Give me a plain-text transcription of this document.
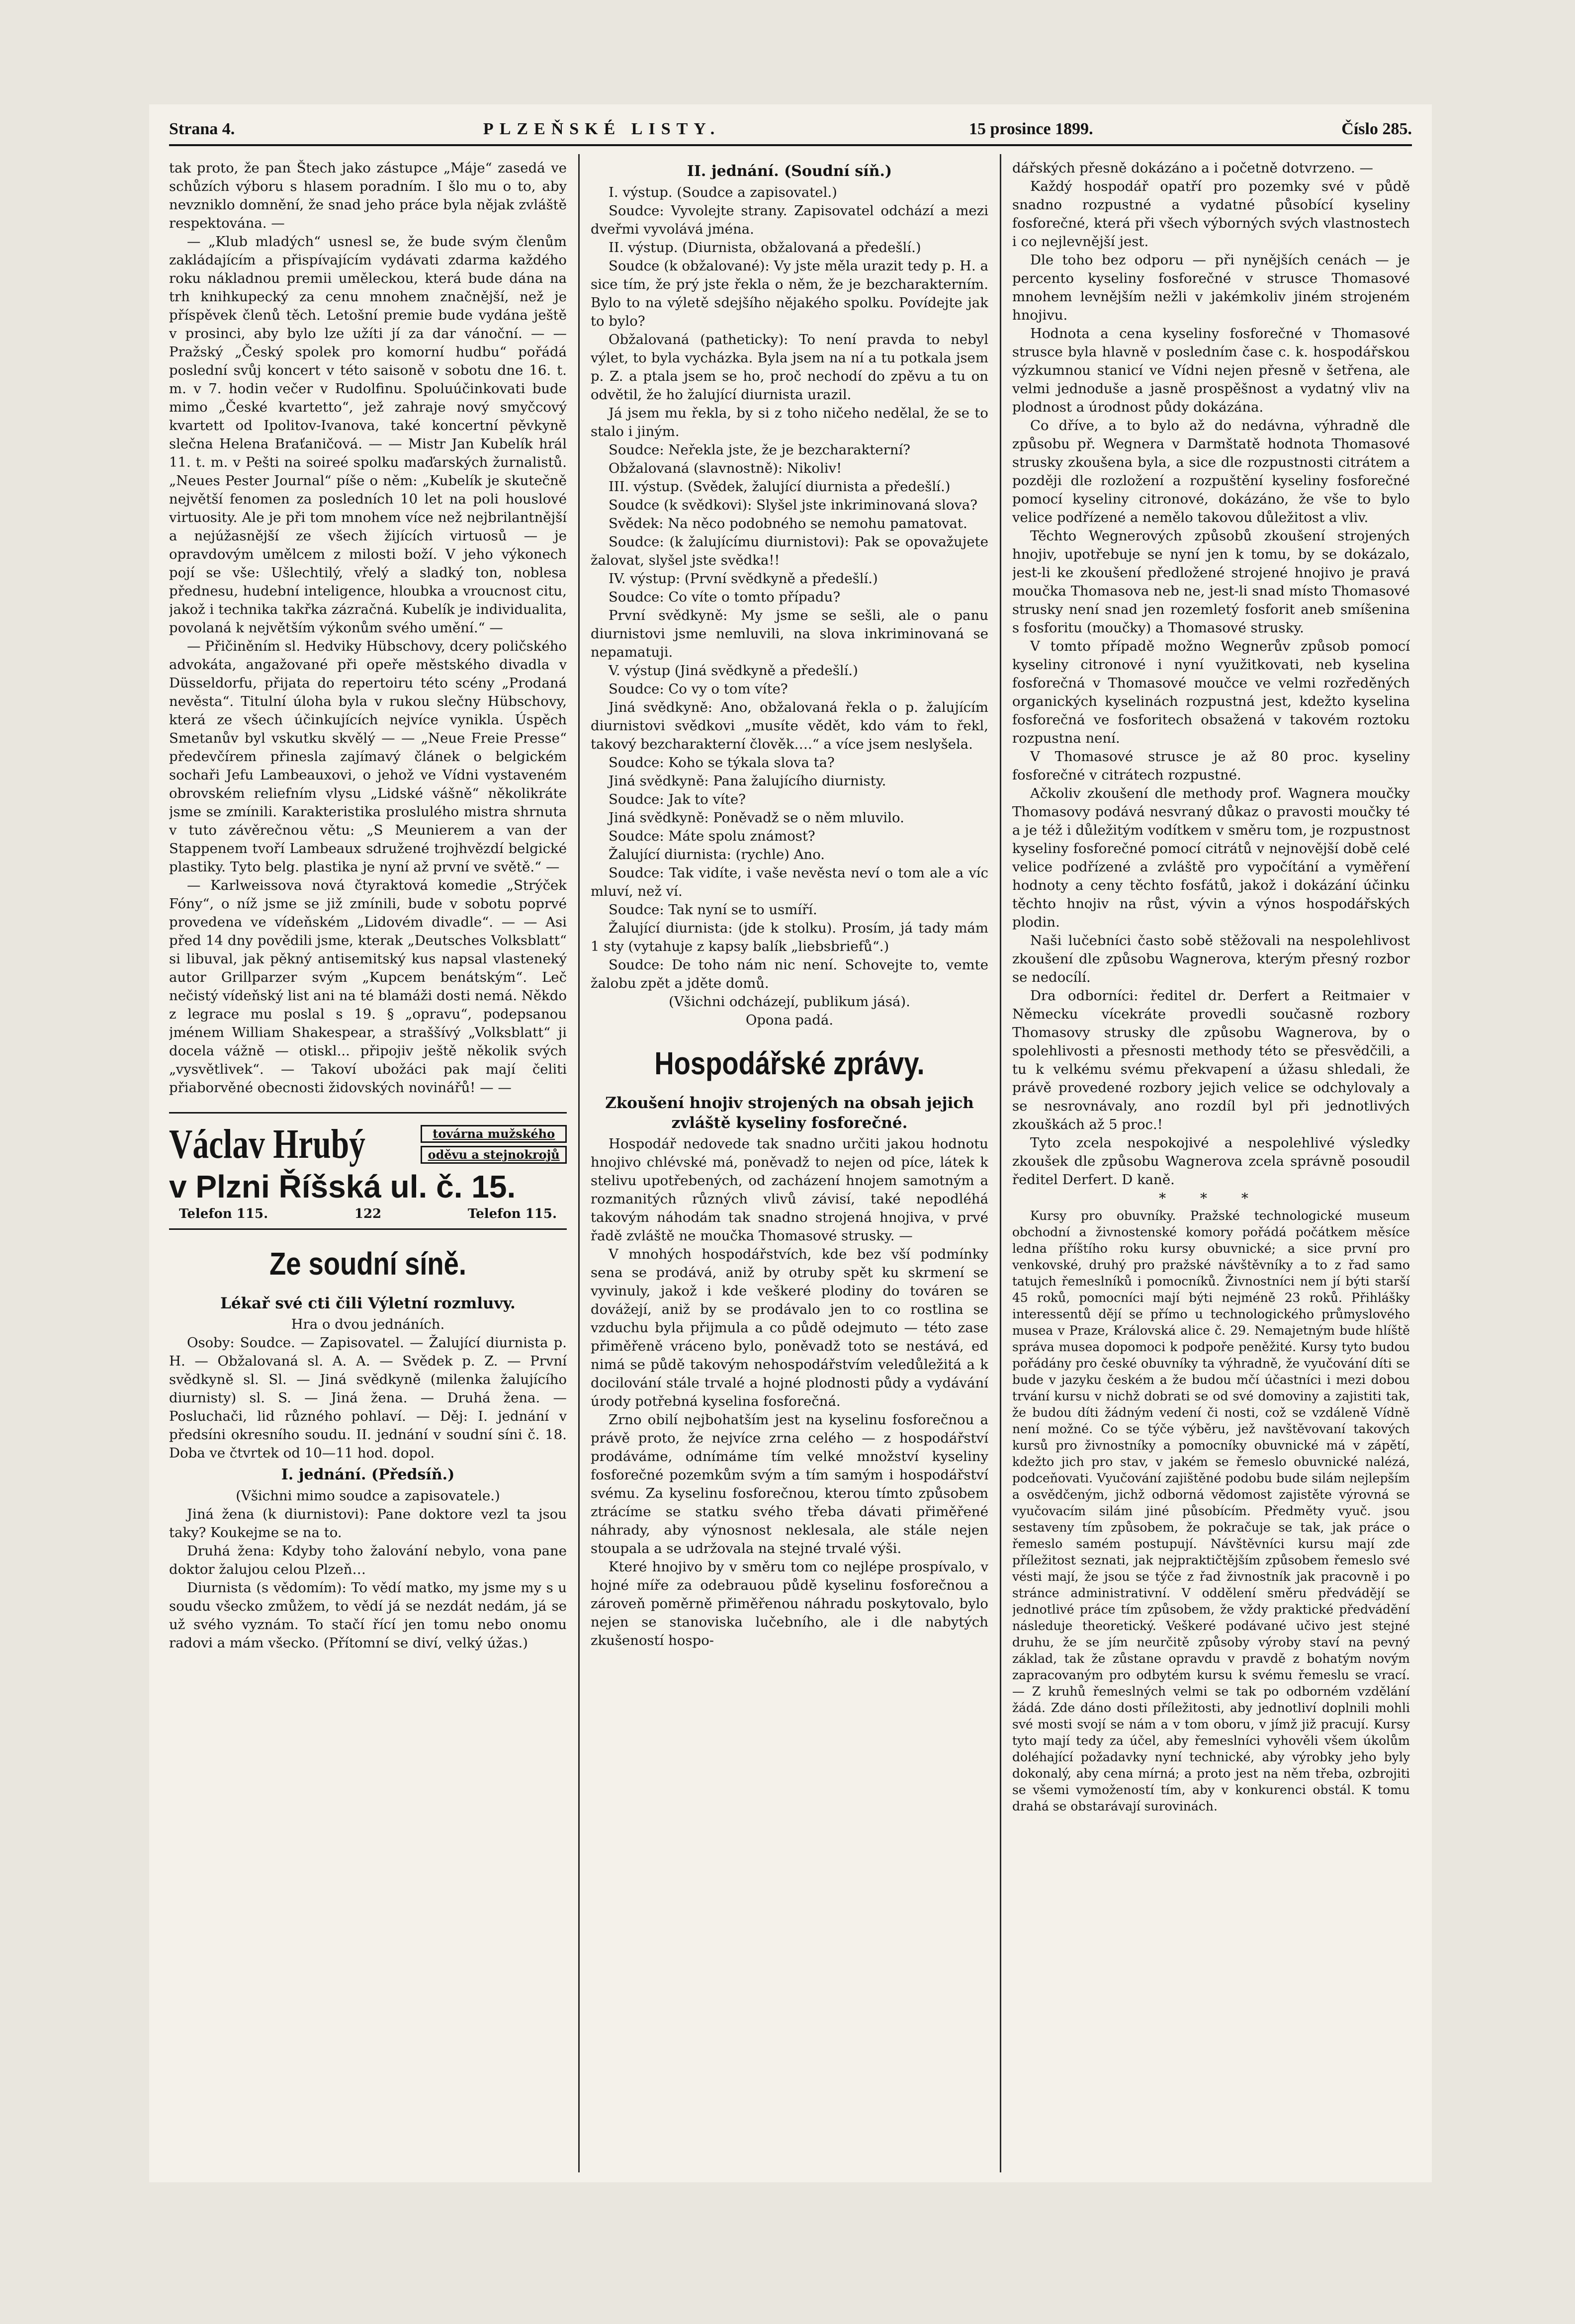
Strana 4.	PLZEŇSKÉ LISTY.	15 prosince 1899.	Číslo 285.

tak proto, že pan Štech jako zástupce „Máje“ zasedá ve schůzích výboru s hlasem poradním. I šlo mu o to, aby nevzniklo domnění, že snad jeho práce byla nějak zvláště respektována. —

— „Klub mladých“ usnesl se, že bude svým členům zakládajícím a přispívajícím vydávati zdarma každého roku nákladnou premii uměleckou, která bude dána na trh knihkupecký za cenu mnohem značnější, než je příspěvek členů těch. Letošní premie bude vydána ještě v prosinci, aby bylo lze užíti jí za dar vánoční. — — Pražský „Český spolek pro komorní hudbu“ pořádá poslední svůj koncert v této saisoně v sobotu dne 16. t. m. v 7. hodin večer v Rudolfinu. Spoluúčinkovati bude mimo „České kvartetto“, jež zahraje nový smyčcový kvartett od Ipolitov-Ivanova, také koncertní pěvkyně slečna Helena Braťaničová. — — Mistr Jan Kubelík hrál 11. t. m. v Pešti na soireé spolku maďarských žurnalistů. „Neues Pester Journal“ píše o něm: „Kubelík je skutečně největší fenomen za posledních 10 let na poli houslové virtuosity. Ale je při tom mnohem více než nejbrilantnější a nejúžasnější ze všech žijících virtuosů — je opravdovým umělcem z milosti boží. V jeho výkonech pojí se vše: Ušlechtilý, vřelý a sladký ton, noblesa přednesu, hudební inteligence, hloubka a vroucnost citu, jakož i technika takřka zázračná. Kubelík je individualita, povolaná k největším výkonům svého umění.“ —

— Přičiněním sl. Hedviky Hübschovy, dcery poličského advokáta, angažované při opeře městského divadla v Düsseldorfu, přijata do repertoiru této scény „Prodaná nevěsta“. Titulní úloha byla v rukou slečny Hübschovy, která ze všech účinkujících nejvíce vynikla. Úspěch Smetanův byl vskutku skvělý — — „Neue Freie Presse“ předevčírem přinesla zajímavý článek o belgickém sochaři Jefu Lambeauxovi, o jehož ve Vídni vystaveném obrovském reliefním vlysu „Lidské vášně“ několikráte jsme se zmínili. Karakteristika proslulého mistra shrnuta v tuto závěrečnou větu: „S Meunierem a van der Stappenem tvoří Lambeaux sdružené trojhvězdí belgické plastiky. Tyto belg. plastika je nyní až první ve světě.“ —

— Karlweissova nová čtyraktová komedie „Strýček Fóny“, o níž jsme se již zmínili, bude v sobotu poprvé provedena ve vídeňském „Lidovém divadle“. — — Asi před 14 dny povědili jsme, kterak „Deutsches Volksblatt“ si libuval, jak pěkný antisemitský kus napsal vlasteneký autor Grillparzer svým „Kupcem benátským“. Leč nečistý vídeňský list ani na té blamáži dosti nemá. Někdo z legrace mu poslal s 19. § „opravu“, podepsanou jménem William Shakespear, a straššívý „Volksblatt“ ji docela vážně — otiskl... připojiv ještě několik svých „vysvětlivek“. — Takoví ubožáci pak mají čeliti přiaborvěné obecnosti židovských novinářů! — —

Václav Hrubý	továrna mužského
oděvu a stejnokrojů
v Plzni Říšská ul. č. 15.
Telefon 115.	122	Telefon 115.
Ze soudní síně.
Lékař své cti čili Výletní rozmluvy.
Hra o dvou jednáních.

Osoby: Soudce. — Zapisovatel. — Žalující diurnista p. H. — Obžalovaná sl. A. A. — Svědek p. Z. — První svědkyně sl. Sl. — Jiná svědkyně (milenka žalujícího diurnisty) sl. S. — Jiná žena. — Druhá žena. — Posluchači, lid různého pohlaví. — Děj: I. jednání v předsíni okresního soudu. II. jednání v soudní síni č. 18. Doba ve čtvrtek od 10—11 hod. dopol.

I. jednání. (Předsíň.)
(Všichni mimo soudce a zapisovatele.)

Jiná žena (k diurnistovi): Pane doktore vezl ta jsou taky? Koukejme se na to.

Druhá žena: Kdyby toho žalování nebylo, vona pane doktor žalujou celou Plzeň…

Diurnista (s vědomím): To vědí matko, my jsme my s u soudu všecko zmůžem, to vědí já se nezdát nedám, já se už svého vyznám. To stačí řící jen tomu nebo onomu radovi a mám všecko. (Přítomní se diví, velký úžas.)

II. jednání. (Soudní síň.)

I. výstup. (Soudce a zapisovatel.)

Soudce: Vyvolejte strany. Zapisovatel odchází a mezi dveřmi vyvolává jména.

II. výstup. (Diurnista, obžalovaná a předešlí.)

Soudce (k obžalované): Vy jste měla urazit tedy p. H. a sice tím, že prý jste řekla o něm, že je bezcharakterním. Bylo to na výletě sdejšího nějakého spolku. Povídejte jak to bylo?

Obžalovaná (patheticky): To není pravda to nebyl výlet, to byla vycházka. Byla jsem na ní a tu potkala jsem p. Z. a ptala jsem se ho, proč nechodí do zpěvu a tu on odvětil, že ho žalující diurnista urazil.

Já jsem mu řekla, by si z toho ničeho nedělal, že se to stalo i jiným.

Soudce: Neřekla jste, že je bezcharakterní?

Obžalovaná (slavnostně): Nikoliv!

III. výstup. (Svědek, žalující diurnista a předešlí.)

Soudce (k svědkovi): Slyšel jste inkriminovaná slova?

Svědek: Na něco podobného se nemohu pamatovat.

Soudce: (k žalujícímu diurnistovi): Pak se opovažujete žalovat, slyšel jste svědka!!

IV. výstup: (První svědkyně a předešlí.)

Soudce: Co víte o tomto případu?

První svědkyně: My jsme se sešli, ale o panu diurnistovi jsme nemluvili, na slova inkriminovaná se nepamatuji.

V. výstup (Jiná svědkyně a předešlí.)

Soudce: Co vy o tom víte?

Jiná svědkyně: Ano, obžalovaná řekla o p. žalujícím diurnistovi svědkovi „musíte vědět, kdo vám to řekl, takový bezcharakterní člověk….“ a více jsem neslyšela.

Soudce: Koho se týkala slova ta?

Jiná svědkyně: Pana žalujícího diurnisty.

Soudce: Jak to víte?

Jiná svědkyně: Poněvadž se o něm mluvilo.

Soudce: Máte spolu známost?

Žalující diurnista: (rychle) Ano.

Soudce: Tak vidíte, i vaše nevěsta neví o tom ale a víc mluví, než ví.

Soudce: Tak nyní se to usmíří.

Žalující diurnista: (jde k stolku). Prosím, já tady mám 1 sty (vytahuje z kapsy balík „liebsbriefů“.)

Soudce: De toho nám nic není. Schovejte to, vemte žalobu zpět a jděte domů.

(Všichni odcházejí, publikum jásá).

Opona padá.

Hospodářské zprávy.
Zkoušení hnojiv strojených na obsah jejich zvláště kyseliny fosforečné.

Hospodář nedovede tak snadno určiti jakou hodnotu hnojivo chlévské má, poněvadž to nejen od píce, látek k stelivu upotřebených, od zacházení hnojem samotným a rozmanitých různých vlivů závisí, také nepodléhá takovým náhodám tak snadno strojená hnojiva, v prvé řadě zvláště ne moučka Thomasové strusky. —

V mnohých hospodářstvích, kde bez vší podmínky sena se prodává, aniž by otruby spět ku skrmení se vyvinuly, jakož i kde veškeré plodiny do továren se dovážejí, aniž by se prodávalo jen to co rostlina se vzduchu byla přijmula a co půdě odejmuto — této zase přiměřeně vráceno bylo, poněvadž toto se nestává, ed nimá se půdě takovým nehospodářstvím veledůležitá a k docilování stále trvalé a hojné plodnosti půdy a vydávání úrody potřebná kyselina fosforečná.

Zrno obilí nejbohatším jest na kyselinu fosforečnou a právě proto, že nejvíce zrna celého — z hospodářství prodáváme, odnímáme tím velké množství kyseliny fosforečné pozemkům svým a tím samým i hospodářství svému. Za kyselinu fosforečnou, kterou tímto způsobem ztrácíme se statku svého třeba dávati přiměřené náhrady, aby výnosnost neklesala, ale stále nejen stoupala a se udržovala na stejné trvalé výši.

Které hnojivo by v směru tom co nejlépe prospívalo, v hojné míře za odebrauou půdě kyselinu fosforečnou a zároveň poměrně přiměřenou náhradu poskytovalo, bylo nejen se stanoviska lučebního, ale i dle nabytých zkušeností hospo-

dářských přesně dokázáno a i početně dotvrzeno. —

Každý hospodář opatří pro pozemky své v půdě snadno rozpustné a vydatné působící kyseliny fosforečné, která při všech výborných svých vlastnostech i co nejlevnější jest.

Dle toho bez odporu — při nynějších cenách — je percento kyseliny fosforečné v strusce Thomasové mnohem levnějším nežli v jakémkoliv jiném strojeném hnojivu.

Hodnota a cena kyseliny fosforečné v Thomasové strusce byla hlavně v posledním čase c. k. hospodářskou výzkumnou stanicí ve Vídni nejen přesně v šetřena, ale velmi jednoduše a jasně prospěšnost a vydatný vliv na plodnost a úrodnost půdy dokázána.

Co dříve, a to bylo až do nedávna, výhradně dle způsobu př. Wegnera v Darmštatě hodnota Thomasové strusky zkoušena byla, a sice dle rozpustnosti citrátem a později dle rozložení a rozpuštění kyseliny fosforečné pomocí kyseliny citronové, dokázáno, že vše to bylo velice podřízené a nemělo takovou důležitost a vliv.

Těchto Wegnerových způsobů zkoušení strojených hnojiv, upotřebuje se nyní jen k tomu, by se dokázalo, jest-li ke zkoušení předložené strojené hnojivo je pravá moučka Thomasova neb ne, jest-li snad místo Thomasové strusky není snad jen rozemletý fosforit aneb smíšenina s fosforitu (moučky) a Thomasové strusky.

V tomto případě možno Wegnerův způsob pomocí kyseliny citronové i nyní využitkovati, neb kyselina fosforečná v Thomasové moučce ve velmi rozředěných organických kyselinách rozpustná jest, kdežto kyselina fosforečná ve fosforitech obsažená v takovém roztoku rozpustna není.

V Thomasové strusce je až 80 proc. kyseliny fosforečné v citrátech rozpustné.

Ačkoliv zkoušení dle methody prof. Wagnera moučky Thomasovy podává nesvraný důkaz o pravosti moučky té a je též i důležitým vodítkem v směru tom, je rozpustnost kyseliny fosforečné pomocí citrátů v nejnovější době celé velice podřízené a zvláště pro vypočítání a vyměření hodnoty a ceny těchto fosfátů, jakož i dokázání účinku těchto hnojiv na růst, vývin a výnos hospodářských plodin.

Naši lučebníci často sobě stěžovali na nespolehlivost zkoušení dle způsobu Wagnerova, kterým přesný rozbor se nedocílí.

Dra odborníci: ředitel dr. Derfert a Reitmaier v Německu vícekráte provedli současně rozbory Thomasovy strusky dle způsobu Wagnerova, by o spolehlivosti a přesnosti methody této se přesvědčili, a tu k velkému svému překvapení a úžasu shledali, že právě provedené rozbory jejich velice se odchylovaly a se nesrovnávaly, ano rozdíl byl při jednotlivých zkouškách až 5 proc.!

Tyto zcela nespokojivé a nespolehlivé výsledky zkoušek dle způsobu Wagnerova zcela správně posoudil ředitel Derfert. D kaně.

* * *

Kursy pro obuvníky. Pražské technologické museum obchodní a živnostenské komory pořádá počátkem měsíce ledna příštího roku kursy obuvnické; a sice první pro venkovské, druhý pro pražské návštěvníky a to z řad samo tatujch řemeslníků i pomocníků. Živnostníci nem jí býti starší 45 roků, pomocníci mají býti nejméně 23 roků. Přihlášky interessentů dějí se přímo u technologického průmyslového musea v Praze, Královská alice č. 29. Nemajetným bude hlíště správa musea dopomoci k podpoře peněžité. Kursy tyto budou pořádány pro české obuvníky ta výhradně, že vyučování díti se bude v jazyku českém a že budou mčí účastníci i mezi dobou trvání kursu v nichž dobrati se od své domoviny a zajistiti tak, že budou díti žádným vedení či nosti, což se vzdáleně Vídně není možné. Co se týče výběru, jež navštěvovaní takových kursů pro živnostníky a pomocníky obuvnické má v zápětí, kdežto jich pro stav, v jakém se řemeslo obuvnické nalézá, podceňovati. Vyučování zajištěné podobu bude silám nejlepším a osvědčeným, jichž odborná vědomost zajistěte výrovná se vyučovacím silám jiné působícím. Předměty vyuč. jsou sestaveny tím způsobem, že pokračuje se tak, jak práce o řemeslo samém postupují. Návštěvníci kursu mají zde příležitost seznati, jak nejpraktičtějším způsobem řemeslo své vésti mají, že jsou se týče z řad živnostník jak pracovně i po stránce administrativní. V oddělení směru předvádějí se jednotlivé práce tím způsobem, že vždy praktické předvádění následuje theoretický. Veškeré podávané učivo jest stejné druhu, že se jím neurčitě způsoby výroby staví na pevný základ, tak že zůstane opravdu v pravdě z bohatým novým zapracovaným pro odbytém kursu k svému řemeslu se vrací. — Z kruhů řemeslných velmi se tak po odborném vzdělání žádá. Zde dáno dosti příležitosti, aby jednotliví doplnili mohli své mosti svojí se nám a v tom oboru, v jímž již pracují. Kursy tyto mají tedy za účel, aby řemeslníci vyhověli všem úkolům doléhající požadavky nyní technické, aby výrobky jeho byly dokonalý, aby cena mírná; a proto jest na něm třeba, ozbrojiti se všemi vymožeností tím, aby v konkurenci obstál. K tomu drahá se obstarávají surovinách.
